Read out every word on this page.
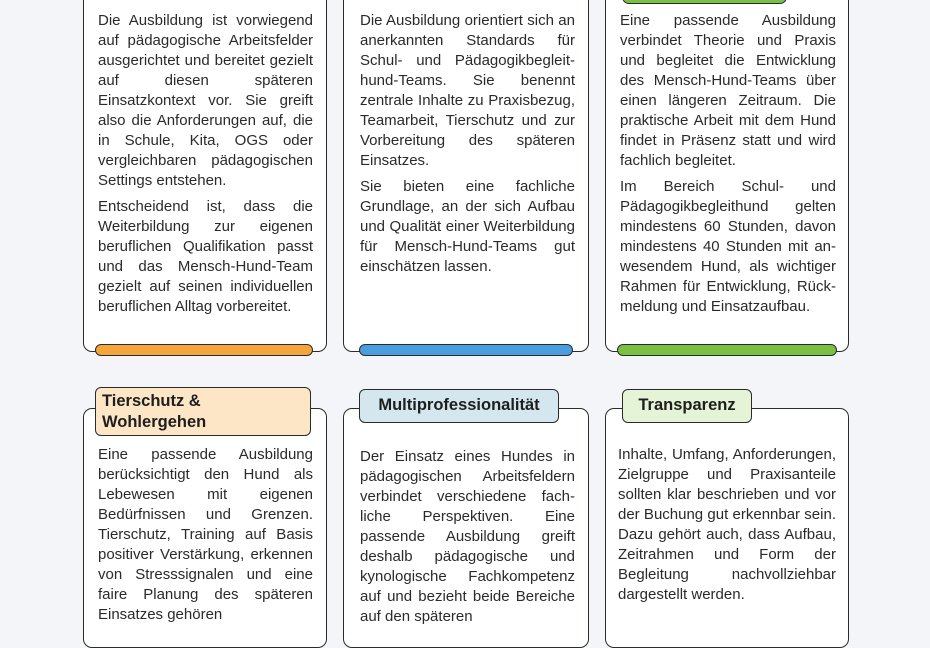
Die Ausbildung ist vorwiegend auf pädagogische Arbeitsfelder ausgerichtet und bereitet gezielt auf diesen späteren Einsatzkontext vor. Sie greift also die Anforderungen auf, die in Schule, Kita, OGS oder vergleichbaren pädagogischen Settings entstehen.

Entscheidend ist, dass die Weiterbildung zur eigenen beruflichen Qualifikation passt und das Mensch-Hund-Team gezielt auf seinen individuellen beruflichen Alltag vorbereitet.

Die Ausbildung orientiert sich an anerkannten Standards für Schul- und Pädagogikbegleithund-Teams. Sie benennt zentrale Inhalte zu Praxisbezug, Teamarbeit, Tierschutz und zur Vorbereitung des späteren Einsatzes.

Sie bieten eine fachliche Grundlage, an der sich Aufbau und Qualität einer Weiterbildung für Mensch-Hund-Teams gut einschätzen lassen.

Eine passende Ausbildung verbindet Theorie und Praxis und begleitet die Entwicklung des Mensch-Hund-Teams über einen längeren Zeitraum. Die praktische Arbeit mit dem Hund findet in Präsenz statt und wird fachlich begleitet.

Im Bereich Schul- und Pädagogikbegleithund gelten mindestens 60 Stunden, davon mindestens 40 Stunden mit anwesendem Hund, als wichtiger Rahmen für Entwicklung, Rückmeldung und Einsatzaufbau.

Eine passende Ausbildung berücksichtigt den Hund als Lebewesen mit eigenen Bedürfnissen und Grenzen. Tierschutz, Training auf Basis positiver Verstärkung, erkennen von Stresssignalen und eine faire Planung des späteren Einsatzes gehören

Tierschutz &
Wohlergehen

Der Einsatz eines Hundes in pädagogischen Arbeitsfeldern verbindet verschiedene fachliche Perspektiven. Eine passende Ausbildung greift deshalb pädagogische und kynologische Fachkompetenz auf und bezieht beide Bereiche auf den späteren

Multiprofessionalität

Inhalte, Umfang, Anforderungen, Zielgruppe und Praxisanteile sollten klar beschrieben und vor der Buchung gut erkennbar sein. Dazu gehört auch, dass Aufbau, Zeitrahmen und Form der Begleitung nachvollziehbar dargestellt werden.

Transparenz
